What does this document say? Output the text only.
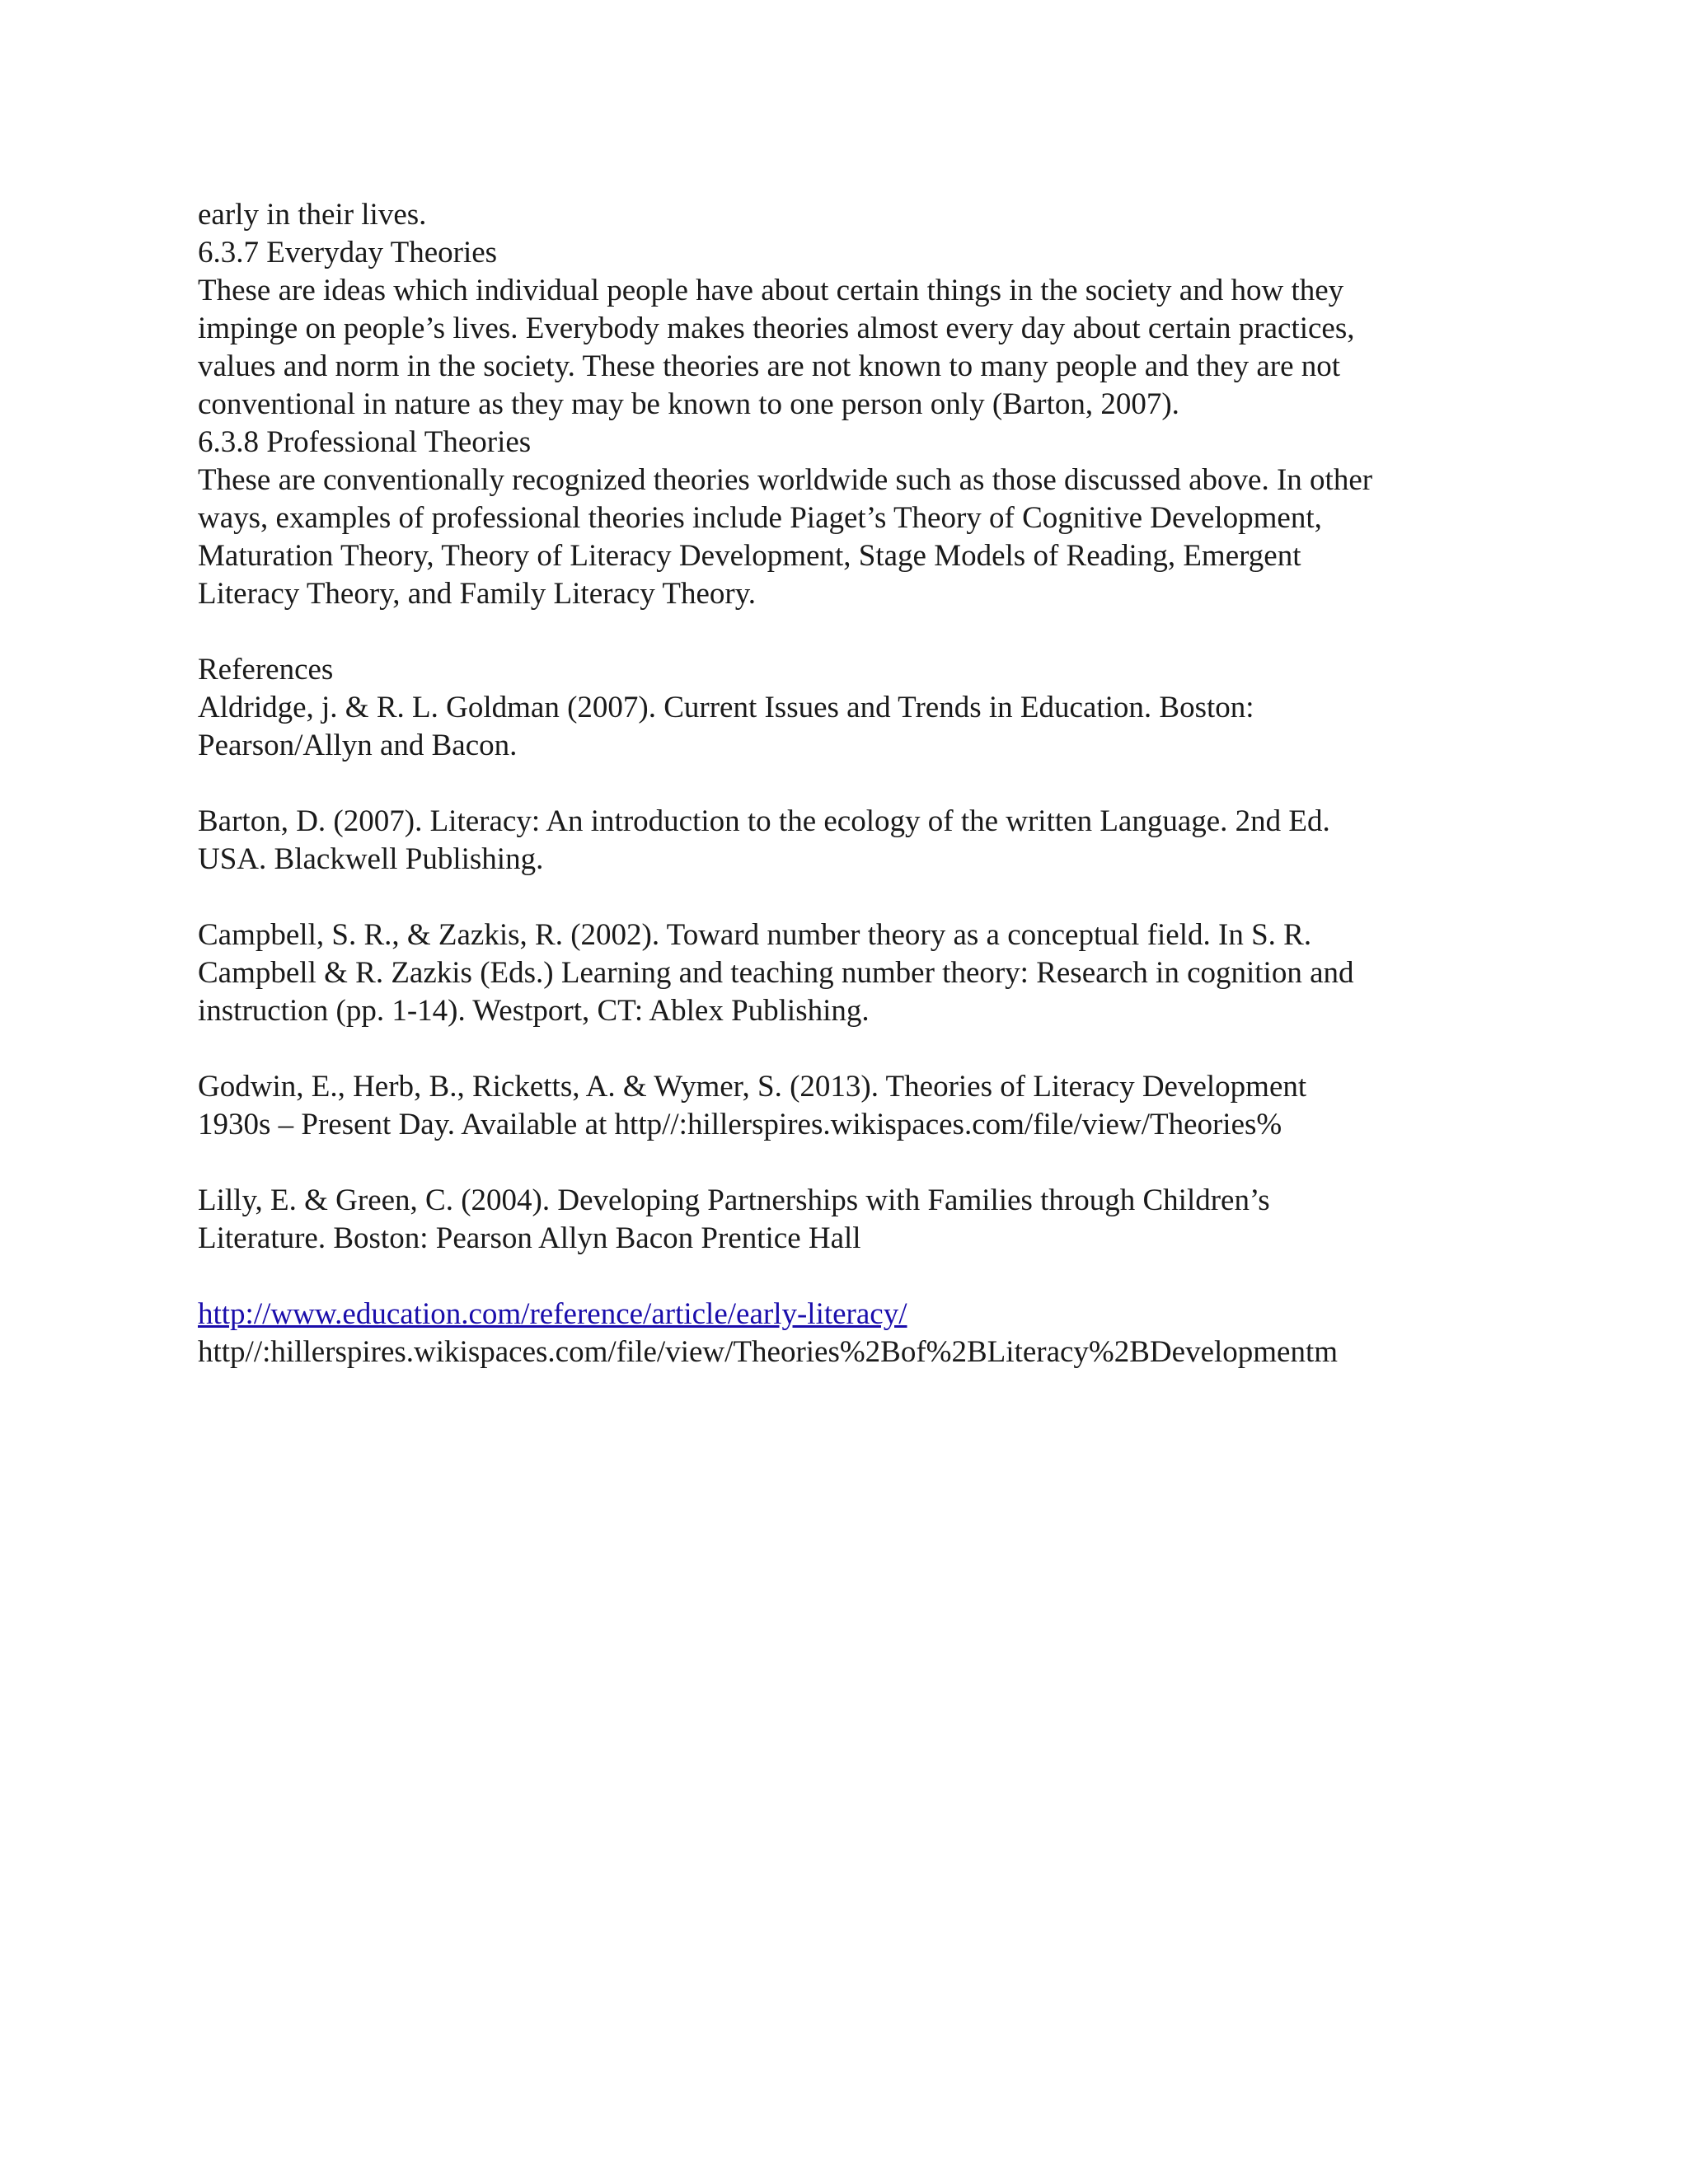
early in their lives.
6.3.7 Everyday Theories
These are ideas which individual people have about certain things in the society and how they
impinge on people’s lives. Everybody makes theories almost every day about certain practices,
values and norm in the society. These theories are not known to many people and they are not
conventional in nature as they may be known to one person only (Barton, 2007).
6.3.8 Professional Theories
These are conventionally recognized theories worldwide such as those discussed above. In other
ways, examples of professional theories include Piaget’s Theory of Cognitive Development,
Maturation Theory, Theory of Literacy Development, Stage Models of Reading, Emergent
Literacy Theory, and Family Literacy Theory.
References
Aldridge, j. & R. L. Goldman (2007). Current Issues and Trends in Education. Boston:
Pearson/Allyn and Bacon.
Barton, D. (2007). Literacy: An introduction to the ecology of the written Language. 2nd Ed.
USA. Blackwell Publishing.
Campbell, S. R., & Zazkis, R. (2002). Toward number theory as a conceptual field. In S. R.
Campbell & R. Zazkis (Eds.) Learning and teaching number theory: Research in cognition and
instruction (pp. 1-14). Westport, CT: Ablex Publishing.
Godwin, E., Herb, B., Ricketts, A. & Wymer, S. (2013). Theories of Literacy Development
1930s – Present Day. Available at http//:hillerspires.wikispaces.com/file/view/Theories%
Lilly, E. & Green, C. (2004). Developing Partnerships with Families through Children’s
Literature. Boston: Pearson Allyn Bacon Prentice Hall
http://www.education.com/reference/article/early-literacy/
http//:hillerspires.wikispaces.com/file/view/Theories%2Bof%2BLiteracy%2BDevelopmentm
